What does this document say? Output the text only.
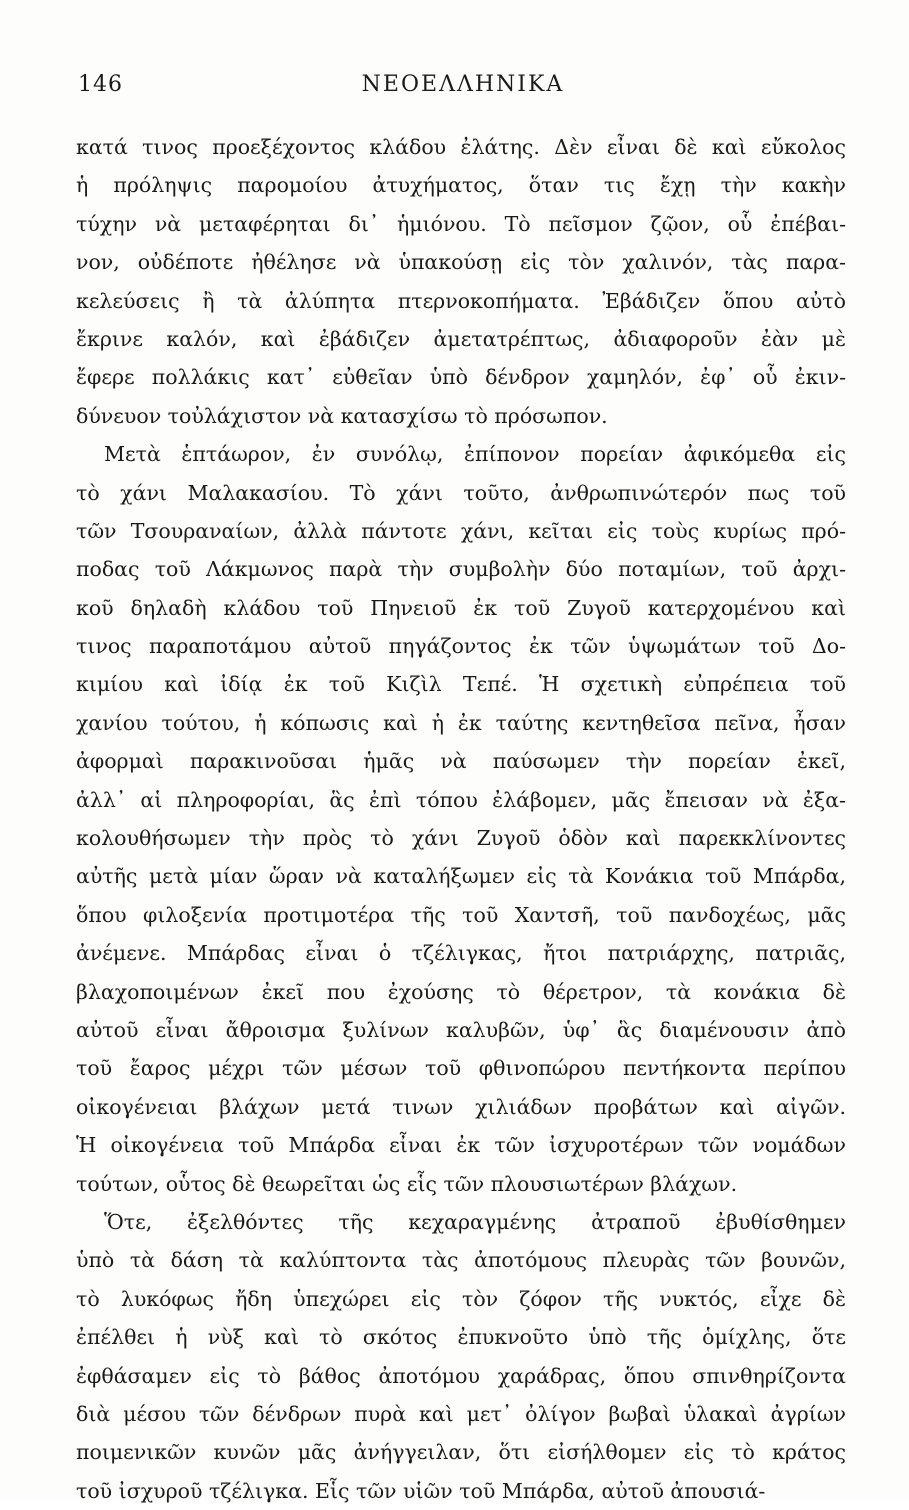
146	ΝΕΟΕΛΛΗΝΙΚΑ
κατά τινος προεξέχοντος κλάδου ἐλάτης. Δὲν εἶναι δὲ καὶ εὔκολος
ἡ πρόληψις παρομοίου ἀτυχήματος, ὅταν τις ἔχῃ τὴν κακὴν
τύχην νὰ μεταφέρηται δι᾽ ἡμιόνου. Τὸ πεῖσμον ζῷον, οὗ ἐπέβαι-
νον, οὐδέποτε ἠθέλησε νὰ ὑπακούσῃ εἰς τὸν χαλινόν, τὰς παρα-
κελεύσεις ἢ τὰ ἀλύπητα πτερνοκοπήματα. Ἐβάδιζεν ὅπου αὐτὸ
ἔκρινε καλόν, καὶ ἐβάδιζεν ἀμετατρέπτως, ἀδιαφοροῦν ἐὰν μὲ
ἔφερε πολλάκις κατ᾽ εὐθεῖαν ὑπὸ δένδρον χαμηλόν, ἐφ᾽ οὗ ἐκιν-
δύνευον τοὐλάχιστον νὰ κατασχίσω τὸ πρόσωπον.
Μετὰ ἑπτάωρον, ἐν συνόλῳ, ἐπίπονον πορείαν ἀφικόμεθα εἰς
τὸ χάνι Μαλακασίου. Τὸ χάνι τοῦτο, ἀνθρωπινώτερόν πως τοῦ
τῶν Τσουραναίων, ἀλλὰ πάντοτε χάνι, κεῖται εἰς τοὺς κυρίως πρό-
ποδας τοῦ Λάκμωνος παρὰ τὴν συμβολὴν δύο ποταμίων, τοῦ ἀρχι-
κοῦ δηλαδὴ κλάδου τοῦ Πηνειοῦ ἐκ τοῦ Ζυγοῦ κατερχομένου καὶ
τινος παραποτάμου αὐτοῦ πηγάζοντος ἐκ τῶν ὑψωμάτων τοῦ Δο-
κιμίου καὶ ἰδίᾳ ἐκ τοῦ Κιζὶλ Τεπέ. Ἡ σχετικὴ εὐπρέπεια τοῦ
χανίου τούτου, ἡ κόπωσις καὶ ἡ ἐκ ταύτης κεντηθεῖσα πεῖνα, ἦσαν
ἀφορμαὶ παρακινοῦσαι ἡμᾶς νὰ παύσωμεν τὴν πορείαν ἐκεῖ,
ἀλλ᾽ αἱ πληροφορίαι, ἃς ἐπὶ τόπου ἐλάβομεν, μᾶς ἔπεισαν νὰ ἐξα-
κολουθήσωμεν τὴν πρὸς τὸ χάνι Ζυγοῦ ὁδὸν καὶ παρεκκλίνοντες
αὐτῆς μετὰ μίαν ὥραν νὰ καταλήξωμεν εἰς τὰ Κονάκια τοῦ Μπάρδα,
ὅπου φιλοξενία προτιμοτέρα τῆς τοῦ Χαντσῆ, τοῦ πανδοχέως, μᾶς
ἀνέμενε. Μπάρδας εἶναι ὁ τζέλιγκας, ἤτοι πατριάρχης, πατριᾶς,
βλαχοποιμένων ἐκεῖ που ἐχούσης τὸ θέρετρον, τὰ κονάκια δὲ
αὐτοῦ εἶναι ἄθροισμα ξυλίνων καλυβῶν, ὑφ᾽ ἃς διαμένουσιν ἀπὸ
τοῦ ἔαρος μέχρι τῶν μέσων τοῦ φθινοπώρου πεντήκοντα περίπου
οἰκογένειαι βλάχων μετά τινων χιλιάδων προβάτων καὶ αἰγῶν.
Ἡ οἰκογένεια τοῦ Μπάρδα εἶναι ἐκ τῶν ἰσχυροτέρων τῶν νομάδων
τούτων, οὗτος δὲ θεωρεῖται ὡς εἷς τῶν πλουσιωτέρων βλάχων.
Ὅτε, ἐξελθόντες τῆς κεχαραγμένης ἀτραποῦ ἐβυθίσθημεν
ὑπὸ τὰ δάση τὰ καλύπτοντα τὰς ἀποτόμους πλευρὰς τῶν βουνῶν,
τὸ λυκόφως ἤδη ὑπεχώρει εἰς τὸν ζόφον τῆς νυκτός, εἶχε δὲ
ἐπέλθει ἡ νὺξ καὶ τὸ σκότος ἐπυκνοῦτο ὑπὸ τῆς ὁμίχλης, ὅτε
ἐφθάσαμεν εἰς τὸ βάθος ἀποτόμου χαράδρας, ὅπου σπινθηρίζοντα
διὰ μέσου τῶν δένδρων πυρὰ καὶ μετ᾽ ὀλίγον βωβαὶ ὑλακαὶ ἀγρίων
ποιμενικῶν κυνῶν μᾶς ἀνήγγειλαν, ὅτι εἰσήλθομεν εἰς τὸ κράτος
τοῦ ἰσχυροῦ τζέλιγκα. Εἷς τῶν υἱῶν τοῦ Μπάρδα, αὐτοῦ ἀπουσιά-
